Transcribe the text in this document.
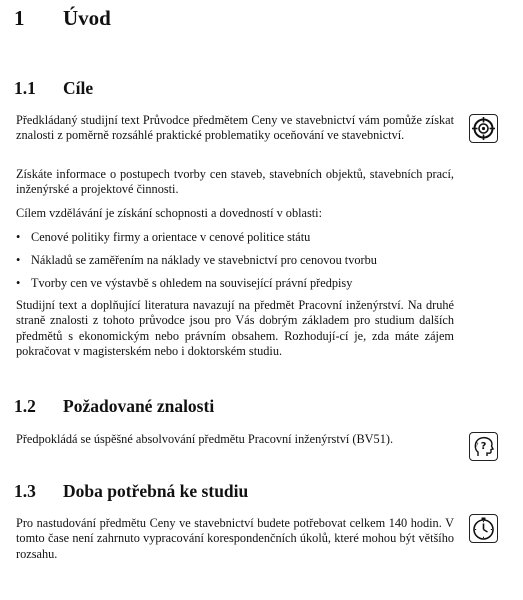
1 Úvod
1.1 Cíle
Předkládaný studijní text Průvodce předmětem Ceny ve stavebnictví vám pomůže získat znalosti z poměrně rozsáhlé praktické problematiky oceňování ve stavebnictví.
Získáte informace o postupech tvorby cen staveb, stavebních objektů, stavebních prací, inženýrské a projektové činnosti.
Cílem vzdělávání je získání schopnosti a dovedností v oblasti:
• Cenové politiky firmy a orientace v cenové politice státu
• Nákladů se zaměřením na náklady ve stavebnictví pro cenovou tvorbu
• Tvorby cen ve výstavbě s ohledem na související právní předpisy
Studijní text a doplňující literatura navazují na předmět Pracovní inženýrství. Na druhé straně znalosti z tohoto průvodce jsou pro Vás dobrým základem pro studium dalších předmětů s ekonomickým nebo právním obsahem. Rozhodují‑cí je, zda máte zájem pokračovat v magisterském nebo i doktorském studiu.
1.2 Požadované znalosti
Předpokládá se úspěšné absolvování předmětu Pracovní inženýrství (BV51).
?
?
1.3 Doba potřebná ke studiu
Pro nastudování předmětu Ceny ve stavebnictví budete potřebovat celkem 140 hodin. V tomto čase není zahrnuto vypracování korespondenčních úkolů, které mohou být většího rozsahu.
